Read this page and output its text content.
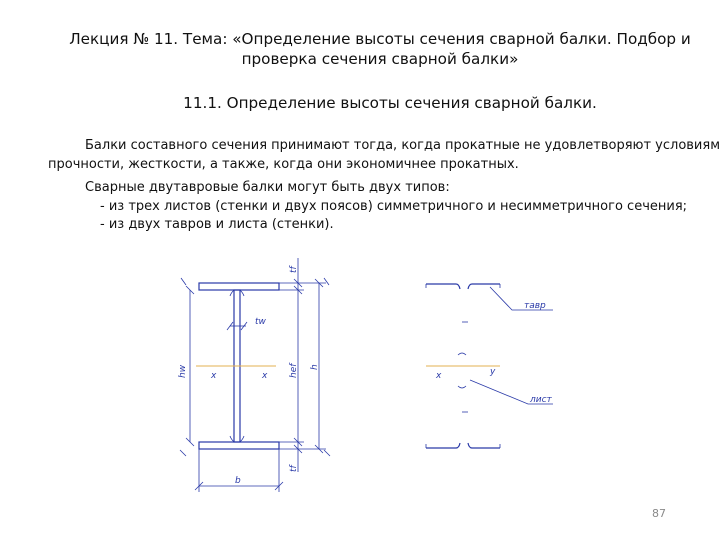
Лекция № 11. Тема: «Определение высоты сечения сварной балки. Подбор и проверка сечения сварной балки»
11.1. Определение высоты сечения сварной балки.
Балки составного сечения принимают тогда, когда прокатные не удовлетворяют условиям
прочности, жесткости, а также, когда они экономичнее прокатных.
Сварные двутавровые балки могут быть двух типов:
- из трех листов (стенки и двух поясов) симметричного и несимметричного сечения;
- из двух тавров и листа (стенки).
tf
tw
hw	hef h
tf
x	x
b
тавр
лист
x	y
87
